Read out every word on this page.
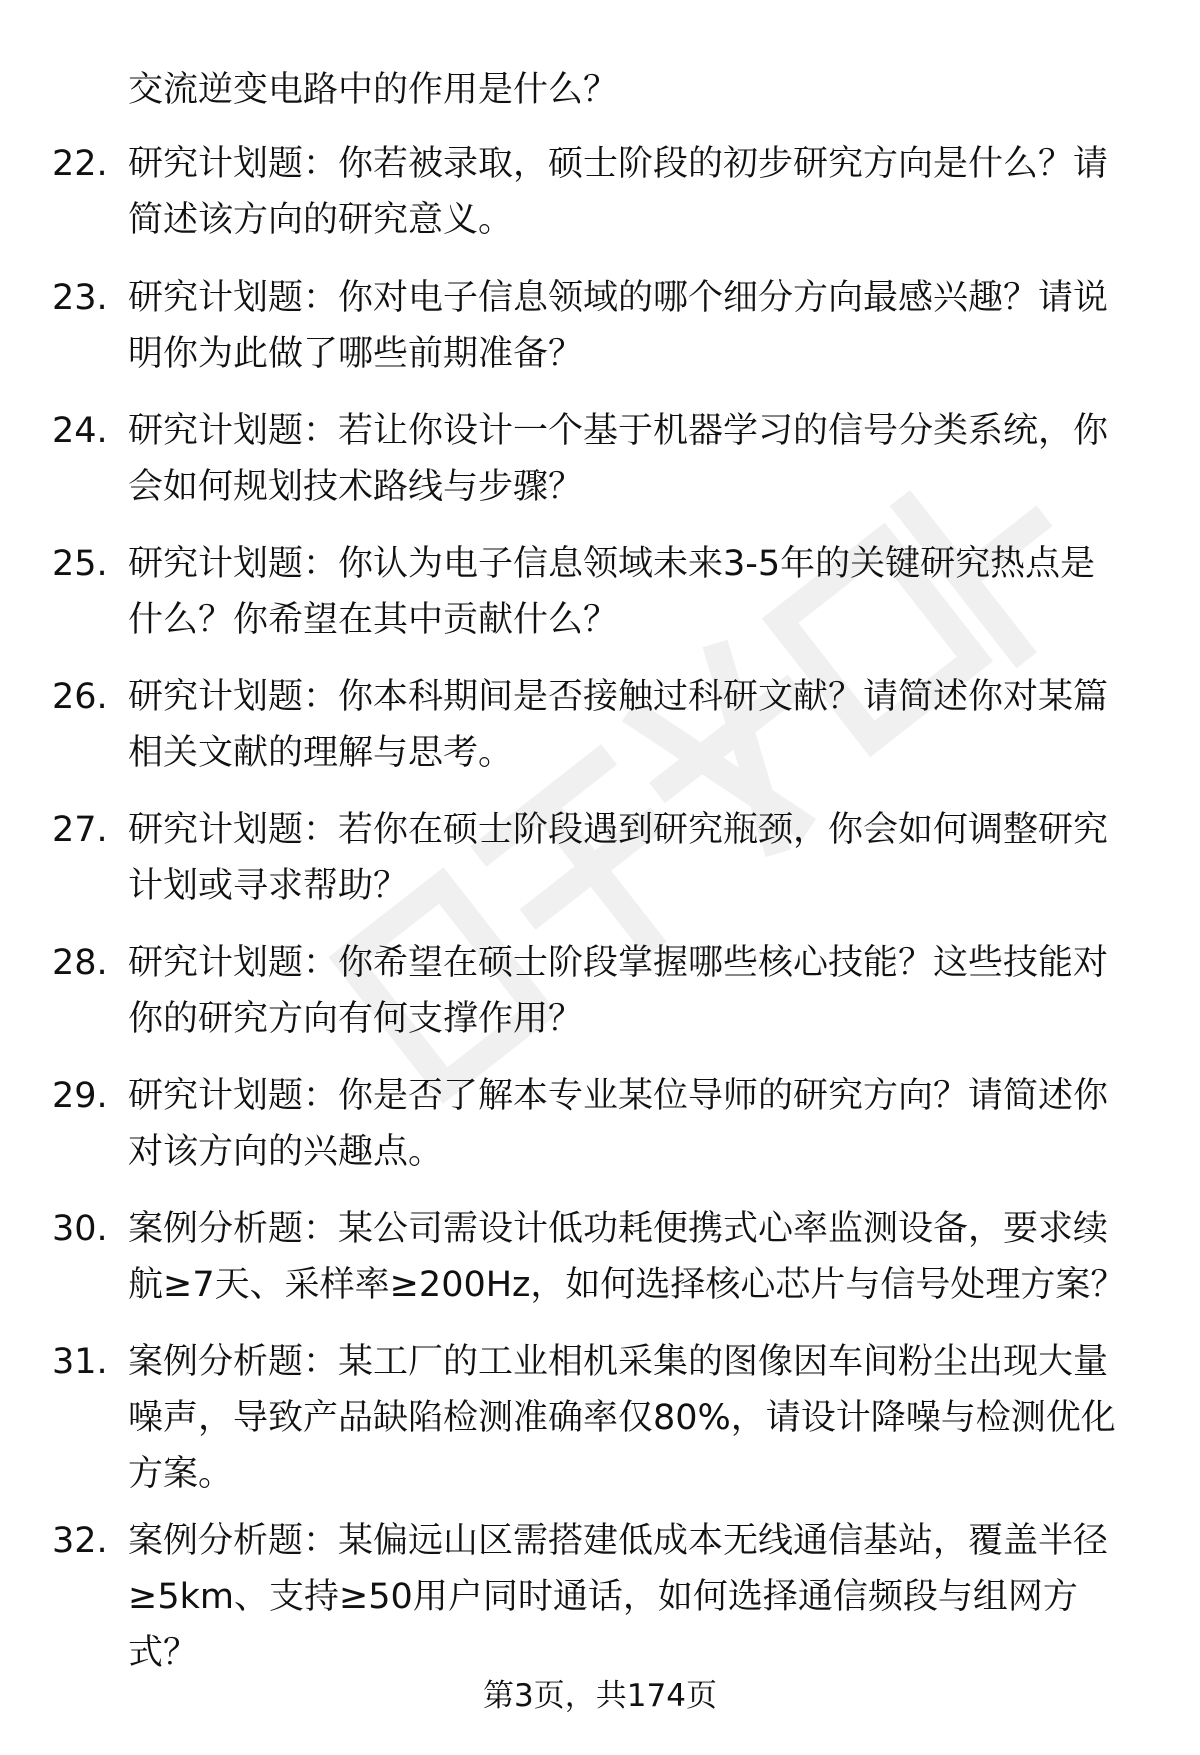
交流逆变电路中的作用是什么？
22. 研究计划题：你若被录取，硕士阶段的初步研究方向是什么？请
简述该方向的研究意义。
23. 研究计划题：你对电子信息领域的哪个细分方向最感兴趣？请说
明你为此做了哪些前期准备？
24. 研究计划题：若让你设计一个基于机器学习的信号分类系统，你
会如何规划技术路线与步骤？
25. 研究计划题：你认为电子信息领域未来3-5年的关键研究热点是
什么？你希望在其中贡献什么？
26. 研究计划题：你本科期间是否接触过科研文献？请简述你对某篇
相关文献的理解与思考。
27. 研究计划题：若你在硕士阶段遇到研究瓶颈，你会如何调整研究
计划或寻求帮助？
28. 研究计划题：你希望在硕士阶段掌握哪些核心技能？这些技能对
你的研究方向有何支撑作用？
29. 研究计划题：你是否了解本专业某位导师的研究方向？请简述你
对该方向的兴趣点。
30. 案例分析题：某公司需设计低功耗便携式心率监测设备，要求续
航≥7天、采样率≥200Hz，如何选择核心芯片与信号处理方案？
31. 案例分析题：某工厂的工业相机采集的图像因车间粉尘出现大量
噪声，导致产品缺陷检测准确率仅80%，请设计降噪与检测优化
方案。
32. 案例分析题：某偏远山区需搭建低成本无线通信基站，覆盖半径
≥5km、支持≥50用户同时通话，如何选择通信频段与组网方
式？
第3页，共174页
